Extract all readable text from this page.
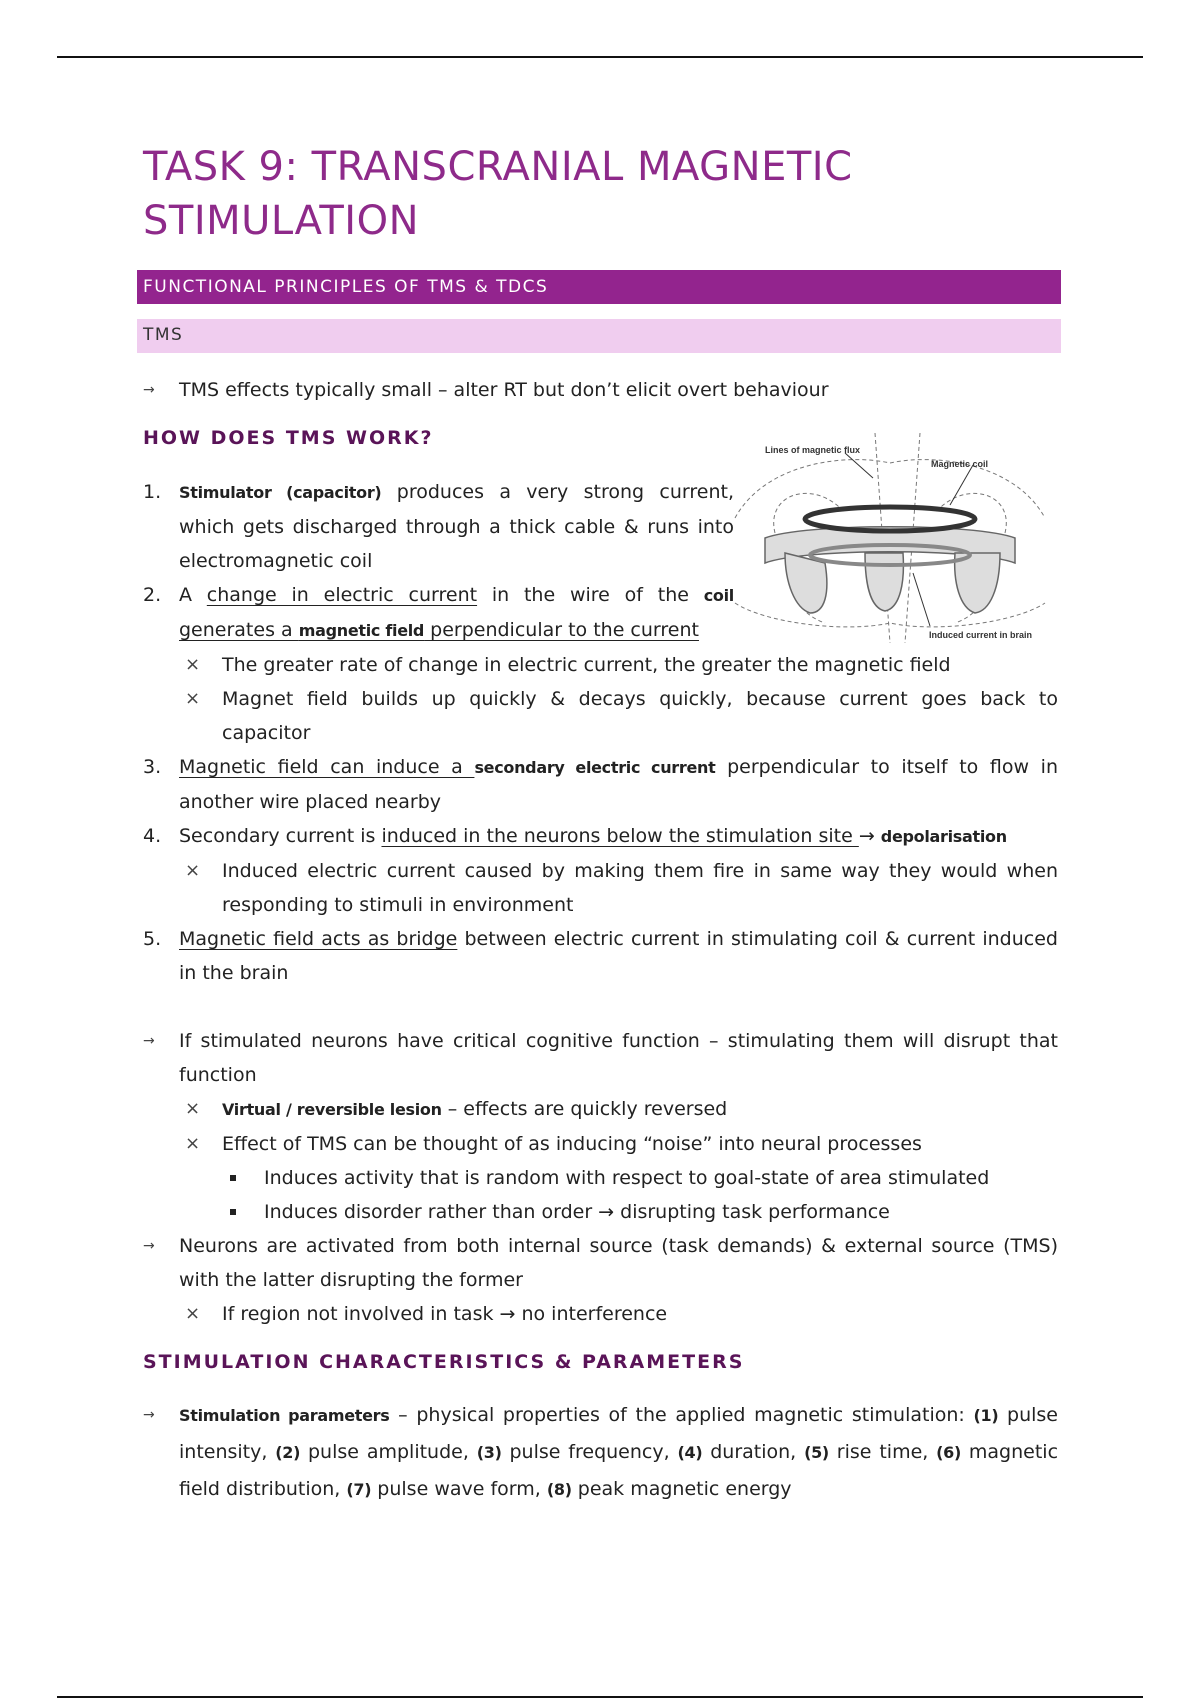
TASK 9: TRANSCRANIAL MAGNETIC STIMULATION
FUNCTIONAL PRINCIPLES OF TMS & TDCS
TMS
→ TMS effects typically small – alter RT but don’t elicit overt behaviour
HOW DOES TMS WORK?
Lines of magnetic flux
Magnetic coil
Induced current in brain
1. Stimulator (capacitor) produces a very strong current, which gets discharged through a thick cable & runs into electromagnetic coil
2. A change in electric current in the wire of the coil generates a magnetic field perpendicular to the current
× The greater rate of change in electric current, the greater the magnetic field
× Magnet field builds up quickly & decays quickly, because current goes back to capacitor
3. Magnetic field can induce a secondary electric current perpendicular to itself to flow in another wire placed nearby
4. Secondary current is induced in the neurons below the stimulation site → depolarisation
× Induced electric current caused by making them fire in same way they would when responding to stimuli in environment
5. Magnetic field acts as bridge between electric current in stimulating coil & current induced in the brain
→ If stimulated neurons have critical cognitive function – stimulating them will disrupt that function
× Virtual / reversible lesion – effects are quickly reversed
× Effect of TMS can be thought of as inducing “noise” into neural processes
Induces activity that is random with respect to goal-state of area stimulated
Induces disorder rather than order → disrupting task performance
→ Neurons are activated from both internal source (task demands) & external source (TMS) with the latter disrupting the former
× If region not involved in task → no interference
STIMULATION CHARACTERISTICS & PARAMETERS
→ Stimulation parameters – physical properties of the applied magnetic stimulation: (1) pulse intensity, (2) pulse amplitude, (3) pulse frequency, (4) duration, (5) rise time, (6) magnetic field distribution, (7) pulse wave form, (8) peak magnetic energy
